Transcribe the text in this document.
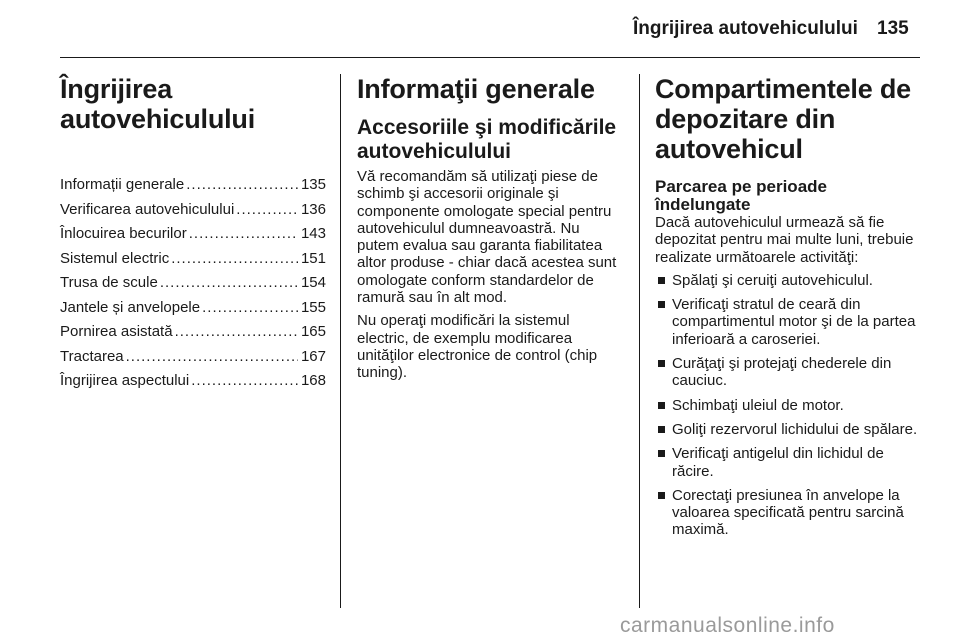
Îngrijirea autovehiculului 135
Îngrijirea autovehiculului
Informații generale .....	135
Verificarea autovehiculului .....	136
Înlocuirea becurilor .....	143
Sistemul electric .....	151
Trusa de scule .....	154
Jantele și anvelopele .....	155
Pornirea asistată .....	165
Tractarea .....	167
Îngrijirea aspectului .....	168
Informaţii generale
Accesoriile şi modificările autovehiculului

Vă recomandăm să utilizaţi piese de schimb şi accesorii originale şi componente omologate special pentru autovehiculul dumneavoastră. Nu putem evalua sau garanta fiabilitatea altor produse - chiar dacă acestea sunt omologate conform standardelor de ramură sau în alt mod.

Nu operaţi modificări la sistemul electric, de exemplu modificarea unităţilor electronice de control (chip tuning).

Compartimentele de depozitare din autovehicul
Parcarea pe perioade îndelungate

Dacă autovehiculul urmează să fie depozitat pentru mai multe luni, trebuie realizate următoarele activităţi:

Spălaţi şi ceruiţi autovehiculul.
Verificaţi stratul de ceară din compartimentul motor şi de la partea inferioară a caroseriei.
Curăţaţi şi protejaţi chederele din cauciuc.
Schimbaţi uleiul de motor.
Goliţi rezervorul lichidului de spălare.
Verificaţi antigelul din lichidul de răcire.
Corectaţi presiunea în anvelope la valoarea specificată pentru sarcină maximă.
carmanualsonline.info
